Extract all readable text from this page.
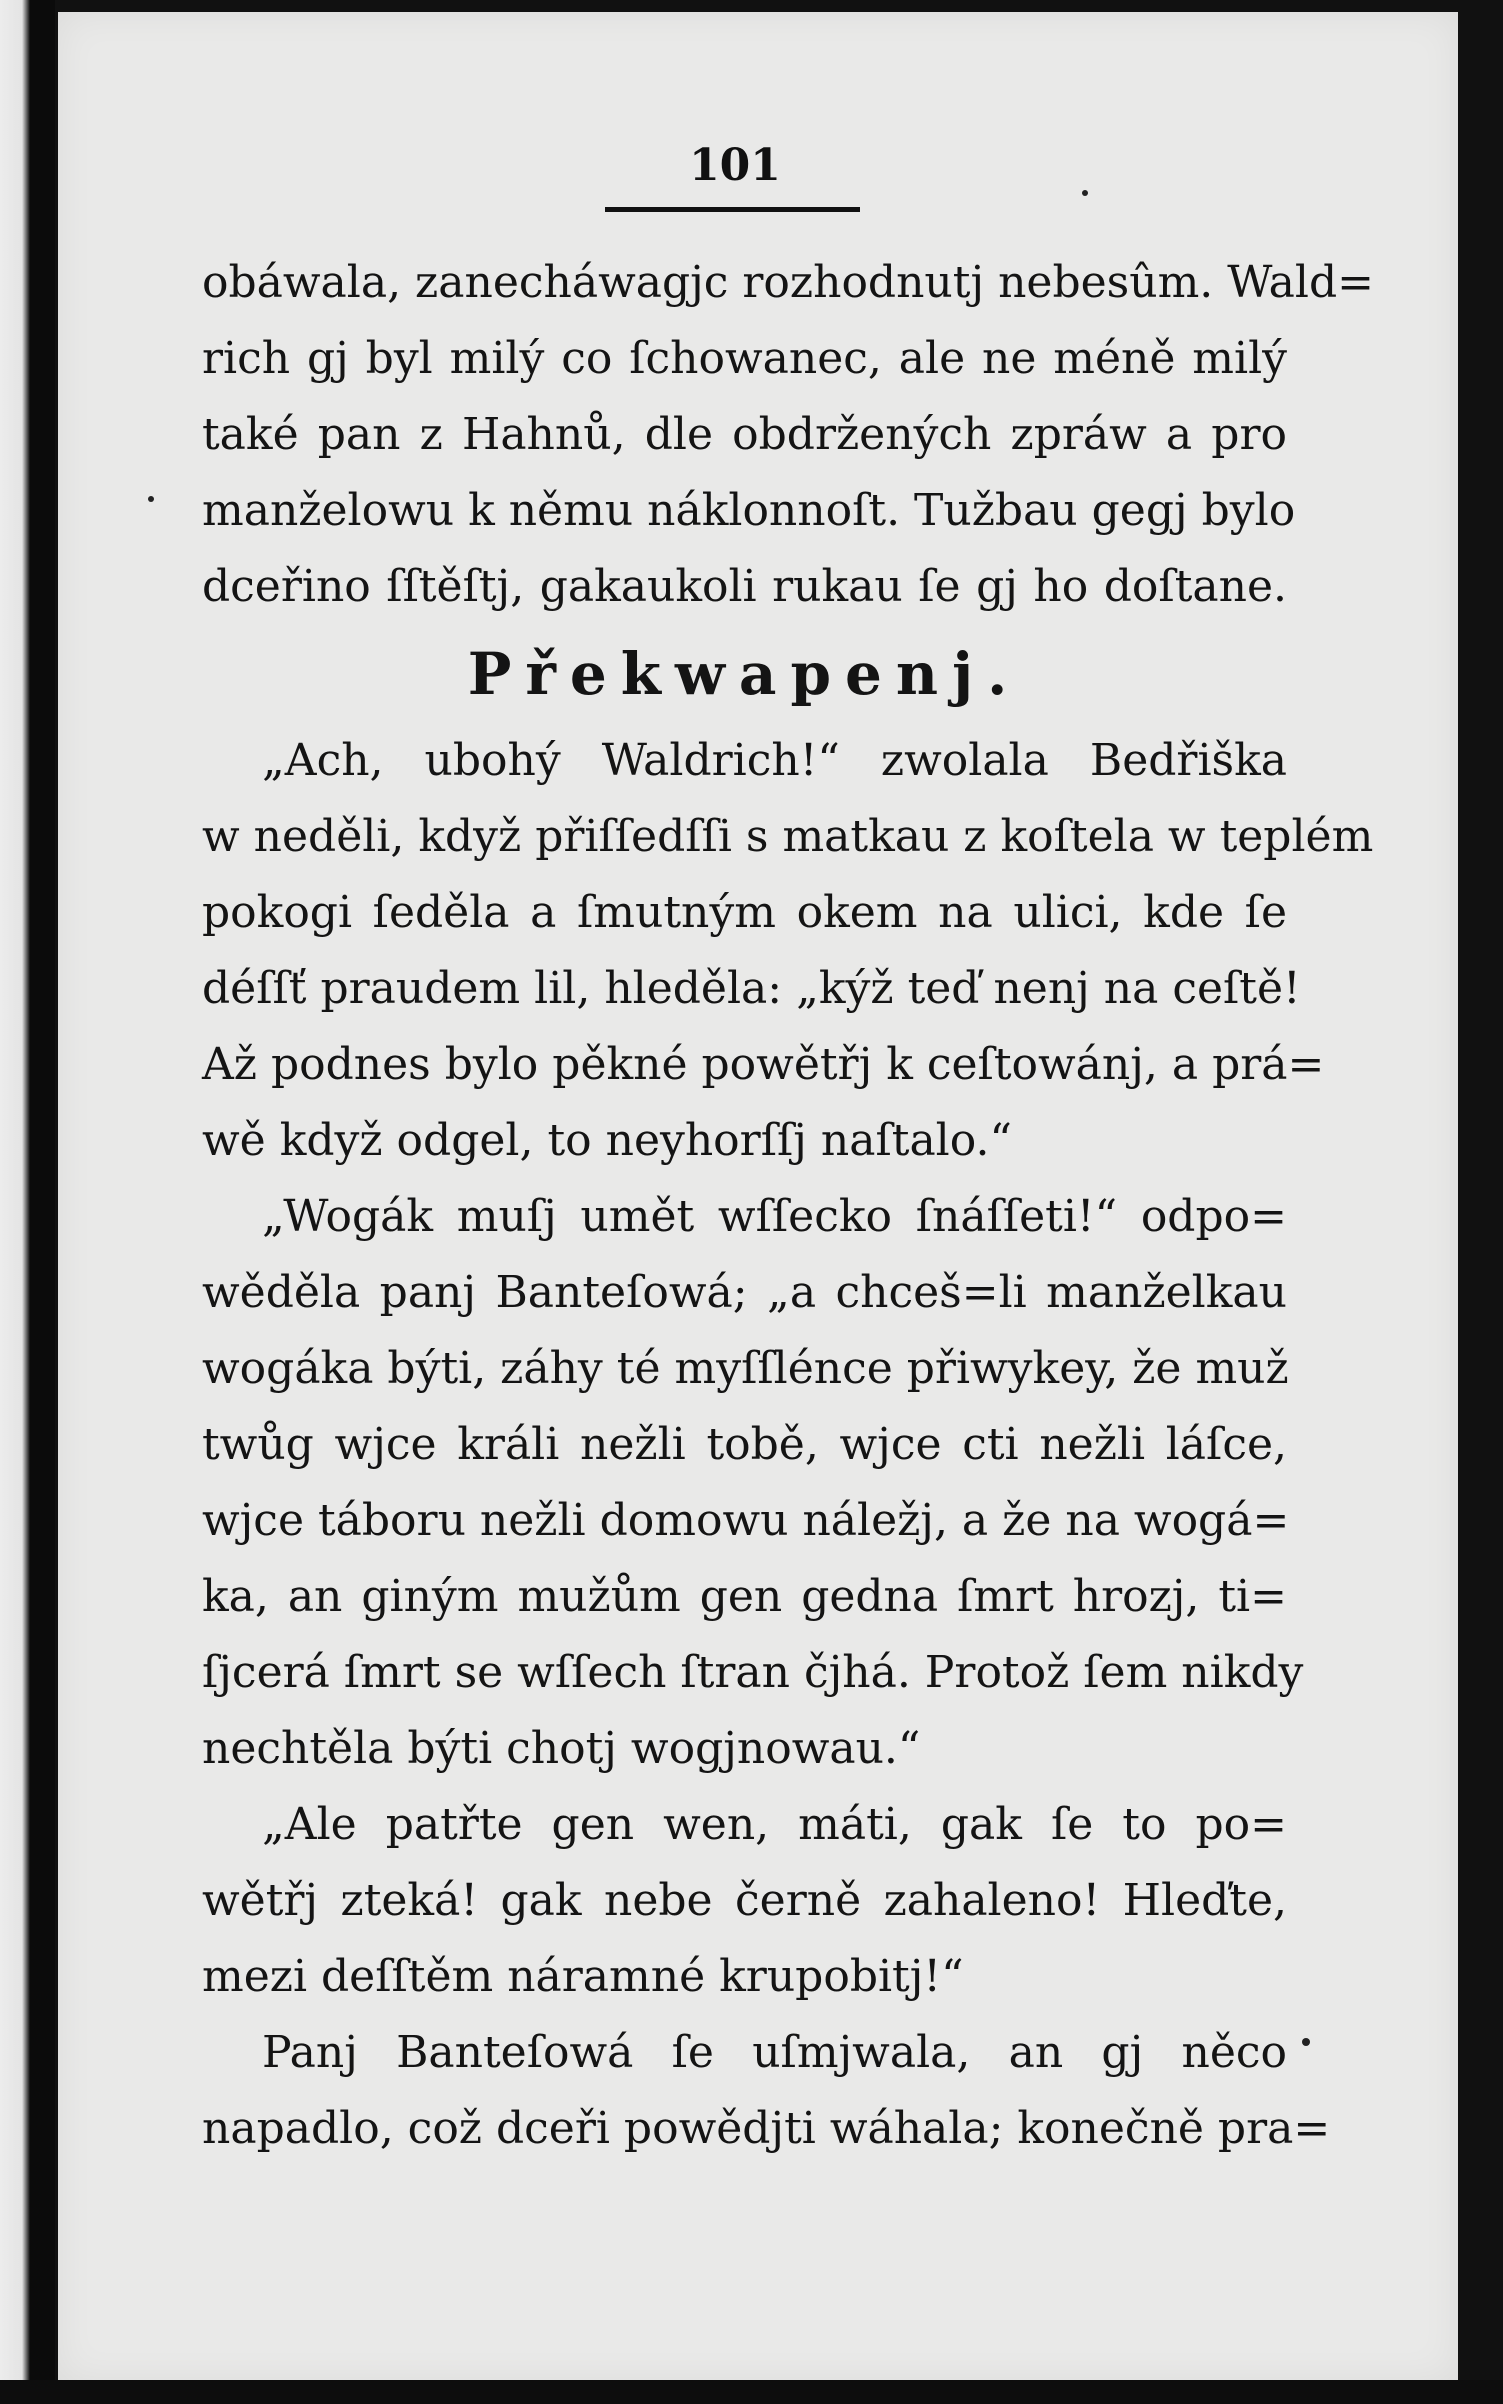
101
obáwala, zanecháwagjc rozhodnutj nebesûm. Wald=
rich gj byl milý co ſchowanec, ale ne méně milý
také pan z Hahnů, dle obdržených zpráw a pro
manželowu k němu náklonnoſt. Tužbau gegj bylo
dceřino ſſtěſtj, gakaukoli rukau ſe gj ho doſtane.
Překwapenj.
„Ach, ubohý Waldrich!“ zwolala Bedřiška
w neděli, když přiſſedſſi s matkau z koſtela w teplém
pokogi ſeděla a ſmutným okem na ulici, kde ſe
déſſť praudem lil, hleděla: „kýž teď nenj na ceſtě!
Až podnes bylo pěkné powětřj k ceſtowánj, a prá=
wě když odgel, to neyhorſſj naſtalo.“
„Wogák muſj umět wſſecko ſnáſſeti!“ odpo=
wěděla panj Banteſowá; „a chceš=li manželkau
wogáka býti, záhy té myſſlénce přiwykey, že muž
twůg wjce králi nežli tobě, wjce cti nežli láſce,
wjce táboru nežli domowu náležj, a že na wogá=
ka, an giným mužům gen gedna ſmrt hrozj, ti=
ſjcerá ſmrt se wſſech ſtran čjhá. Protož ſem nikdy
nechtěla býti chotj wogjnowau.“
„Ale patřte gen wen, máti, gak ſe to po=
wětřj zteká! gak nebe černě zahaleno! Hleďte,
mezi deſſtěm náramné krupobitj!“
Panj Banteſowá ſe uſmjwala, an gj něco
napadlo, což dceři powědjti wáhala; konečně pra=
